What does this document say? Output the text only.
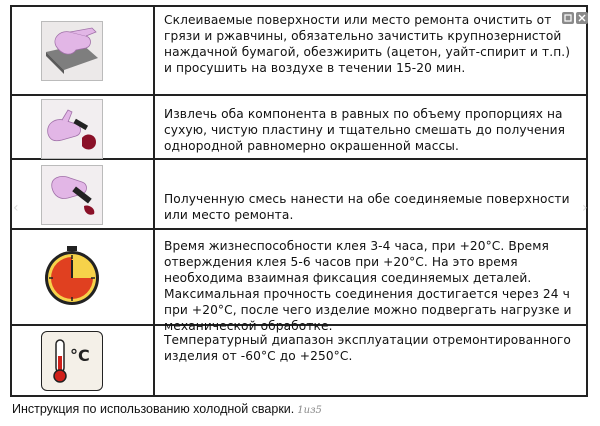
Склеиваемые поверхности или место ремонта очистить от грязи и ржавчины, обязательно зачистить крупнозернистой наждачной бумагой, обезжирить (ацетон, уайт-спирит и т.п.) и просушить на воздухе в течении 15-20 мин.

Извлечь оба компонента в равных по объему пропорциях на сухую, чистую пластину и тщательно смешать до получения однородной равномерно окрашенной массы.

Полученную смесь нанести на обе соединяемые поверхности или место ремонта.

Время жизнеспособности клея 3-4 часа, при +20°С. Время отверждения клея 5-6 часов при +20°С. На это время необходима взаимная фиксация соединяемых деталей. Максимальная прочность соединения достигается через 24 ч при +20°С, после чего изделие можно подвергать нагрузке и механической обработке.

°C

Температурный диапазон эксплуатации отремонтированного изделия от -60°С до +250°С.

‹	›
Инструкция по использованию холодной сварки. 1из5
